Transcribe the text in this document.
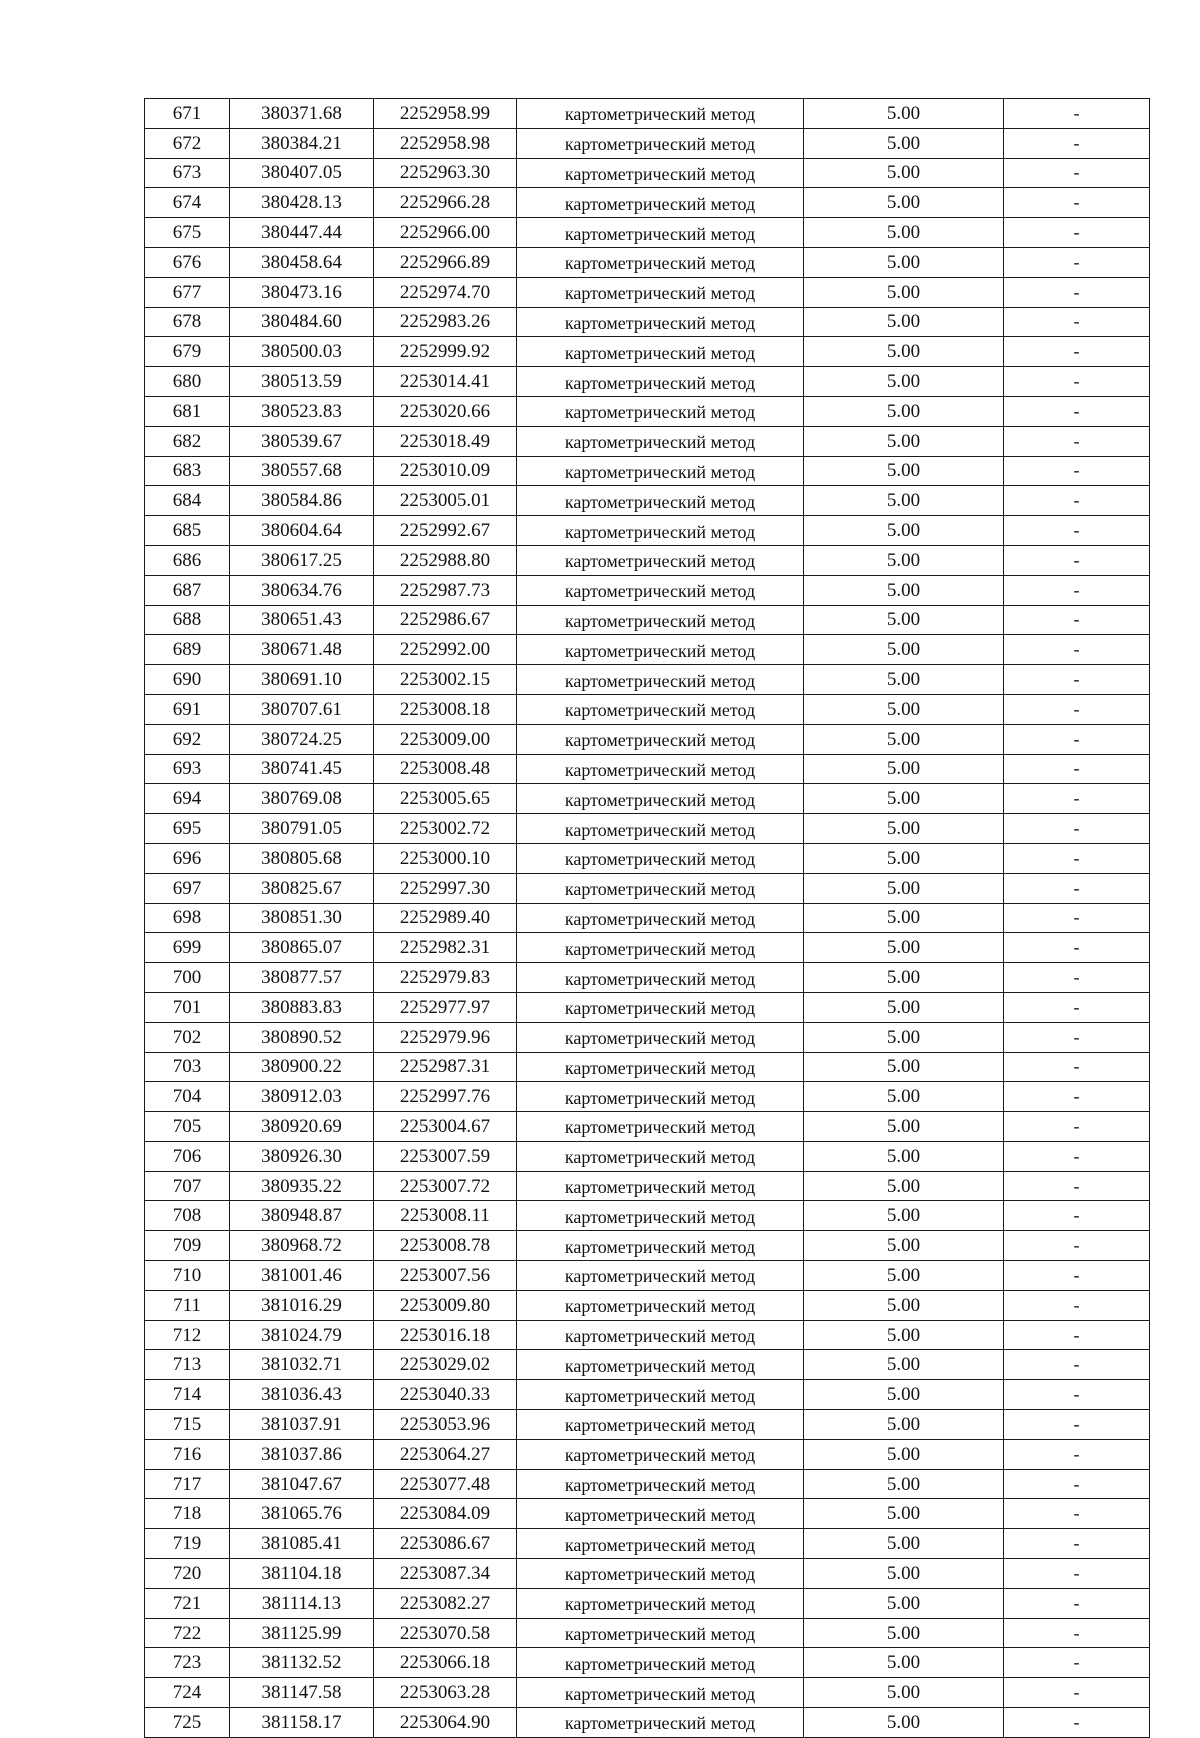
671	380371.68	2252958.99	картометрический метод	5.00	-
672	380384.21	2252958.98	картометрический метод	5.00	-
673	380407.05	2252963.30	картометрический метод	5.00	-
674	380428.13	2252966.28	картометрический метод	5.00	-
675	380447.44	2252966.00	картометрический метод	5.00	-
676	380458.64	2252966.89	картометрический метод	5.00	-
677	380473.16	2252974.70	картометрический метод	5.00	-
678	380484.60	2252983.26	картометрический метод	5.00	-
679	380500.03	2252999.92	картометрический метод	5.00	-
680	380513.59	2253014.41	картометрический метод	5.00	-
681	380523.83	2253020.66	картометрический метод	5.00	-
682	380539.67	2253018.49	картометрический метод	5.00	-
683	380557.68	2253010.09	картометрический метод	5.00	-
684	380584.86	2253005.01	картометрический метод	5.00	-
685	380604.64	2252992.67	картометрический метод	5.00	-
686	380617.25	2252988.80	картометрический метод	5.00	-
687	380634.76	2252987.73	картометрический метод	5.00	-
688	380651.43	2252986.67	картометрический метод	5.00	-
689	380671.48	2252992.00	картометрический метод	5.00	-
690	380691.10	2253002.15	картометрический метод	5.00	-
691	380707.61	2253008.18	картометрический метод	5.00	-
692	380724.25	2253009.00	картометрический метод	5.00	-
693	380741.45	2253008.48	картометрический метод	5.00	-
694	380769.08	2253005.65	картометрический метод	5.00	-
695	380791.05	2253002.72	картометрический метод	5.00	-
696	380805.68	2253000.10	картометрический метод	5.00	-
697	380825.67	2252997.30	картометрический метод	5.00	-
698	380851.30	2252989.40	картометрический метод	5.00	-
699	380865.07	2252982.31	картометрический метод	5.00	-
700	380877.57	2252979.83	картометрический метод	5.00	-
701	380883.83	2252977.97	картометрический метод	5.00	-
702	380890.52	2252979.96	картометрический метод	5.00	-
703	380900.22	2252987.31	картометрический метод	5.00	-
704	380912.03	2252997.76	картометрический метод	5.00	-
705	380920.69	2253004.67	картометрический метод	5.00	-
706	380926.30	2253007.59	картометрический метод	5.00	-
707	380935.22	2253007.72	картометрический метод	5.00	-
708	380948.87	2253008.11	картометрический метод	5.00	-
709	380968.72	2253008.78	картометрический метод	5.00	-
710	381001.46	2253007.56	картометрический метод	5.00	-
711	381016.29	2253009.80	картометрический метод	5.00	-
712	381024.79	2253016.18	картометрический метод	5.00	-
713	381032.71	2253029.02	картометрический метод	5.00	-
714	381036.43	2253040.33	картометрический метод	5.00	-
715	381037.91	2253053.96	картометрический метод	5.00	-
716	381037.86	2253064.27	картометрический метод	5.00	-
717	381047.67	2253077.48	картометрический метод	5.00	-
718	381065.76	2253084.09	картометрический метод	5.00	-
719	381085.41	2253086.67	картометрический метод	5.00	-
720	381104.18	2253087.34	картометрический метод	5.00	-
721	381114.13	2253082.27	картометрический метод	5.00	-
722	381125.99	2253070.58	картометрический метод	5.00	-
723	381132.52	2253066.18	картометрический метод	5.00	-
724	381147.58	2253063.28	картометрический метод	5.00	-
725	381158.17	2253064.90	картометрический метод	5.00	-
